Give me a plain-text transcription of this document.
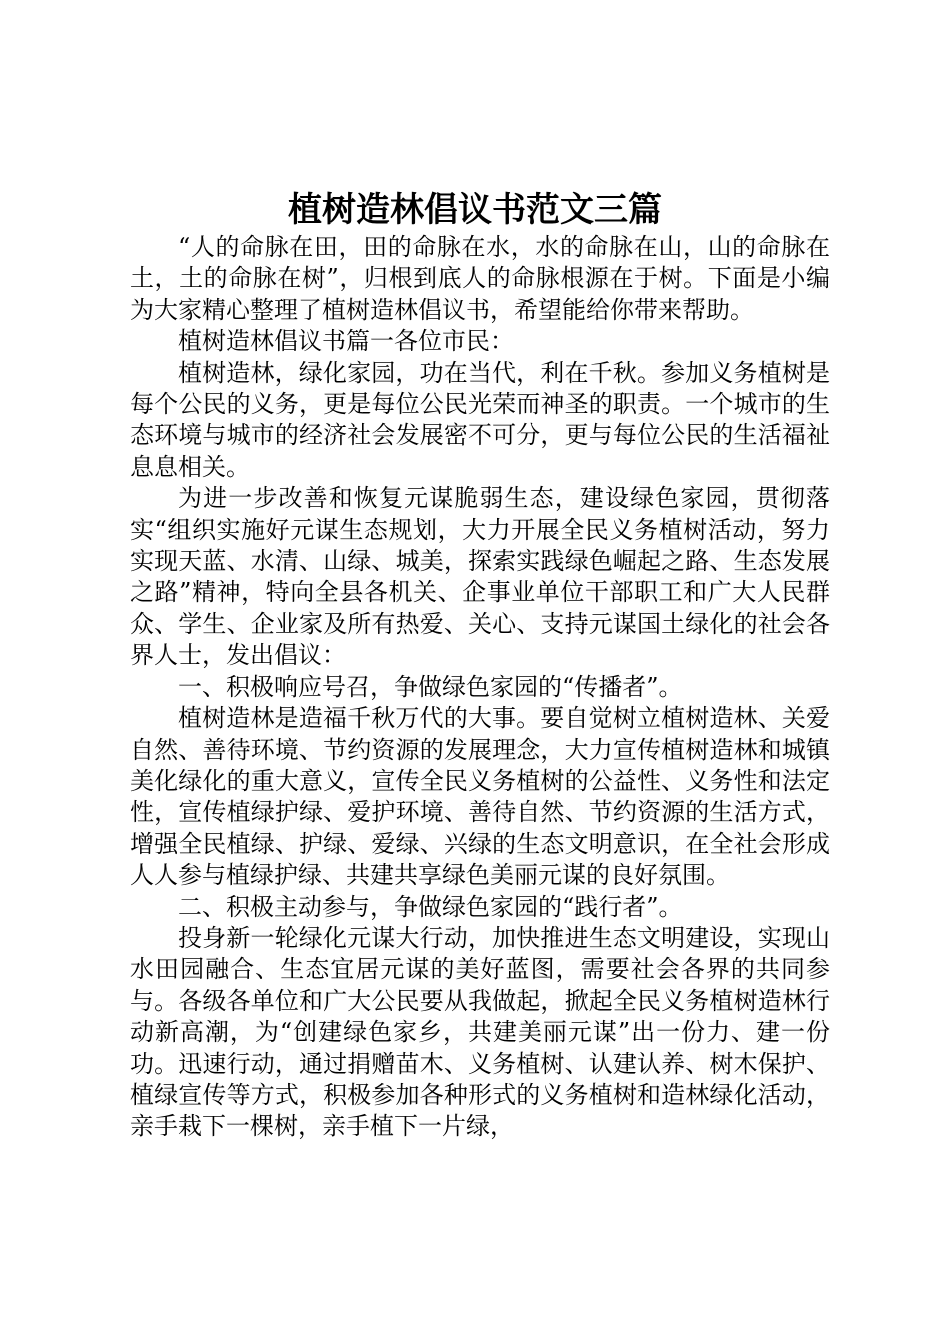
植树造林倡议书范文三篇

“人的命脉在田，田的命脉在水，水的命脉在山，山的命脉在土，土的命脉在树”，归根到底人的命脉根源在于树。下面是小编为大家精心整理了植树造林倡议书，希望能给你带来帮助。

植树造林倡议书篇一各位市民：

植树造林，绿化家园，功在当代，利在千秋。参加义务植树是每个公民的义务，更是每位公民光荣而神圣的职责。一个城市的生态环境与城市的经济社会发展密不可分，更与每位公民的生活福祉息息相关。

为进一步改善和恢复元谋脆弱生态，建设绿色家园，贯彻落实“组织实施好元谋生态规划，大力开展全民义务植树活动，努力实现天蓝、水清、山绿、城美，探索实践绿色崛起之路、生态发展之路”精神，特向全县各机关、企事业单位干部职工和广大人民群众、学生、企业家及所有热爱、关心、支持元谋国土绿化的社会各界人士，发出倡议：

一、积极响应号召，争做绿色家园的“传播者”。

植树造林是造福千秋万代的大事。要自觉树立植树造林、关爱自然、善待环境、节约资源的发展理念，大力宣传植树造林和城镇美化绿化的重大意义，宣传全民义务植树的公益性、义务性和法定性，宣传植绿护绿、爱护环境、善待自然、节约资源的生活方式，增强全民植绿、护绿、爱绿、兴绿的生态文明意识，在全社会形成人人参与植绿护绿、共建共享绿色美丽元谋的良好氛围。

二、积极主动参与，争做绿色家园的“践行者”。

投身新一轮绿化元谋大行动，加快推进生态文明建设，实现山水田园融合、生态宜居元谋的美好蓝图，需要社会各界的共同参与。各级各单位和广大公民要从我做起，掀起全民义务植树造林行动新高潮，为“创建绿色家乡，共建美丽元谋”出一份力、建一份功。迅速行动，通过捐赠苗木、义务植树、认建认养、树木保护、植绿宣传等方式，积极参加各种形式的义务植树和造林绿化活动，亲手栽下一棵树，亲手植下一片绿，
